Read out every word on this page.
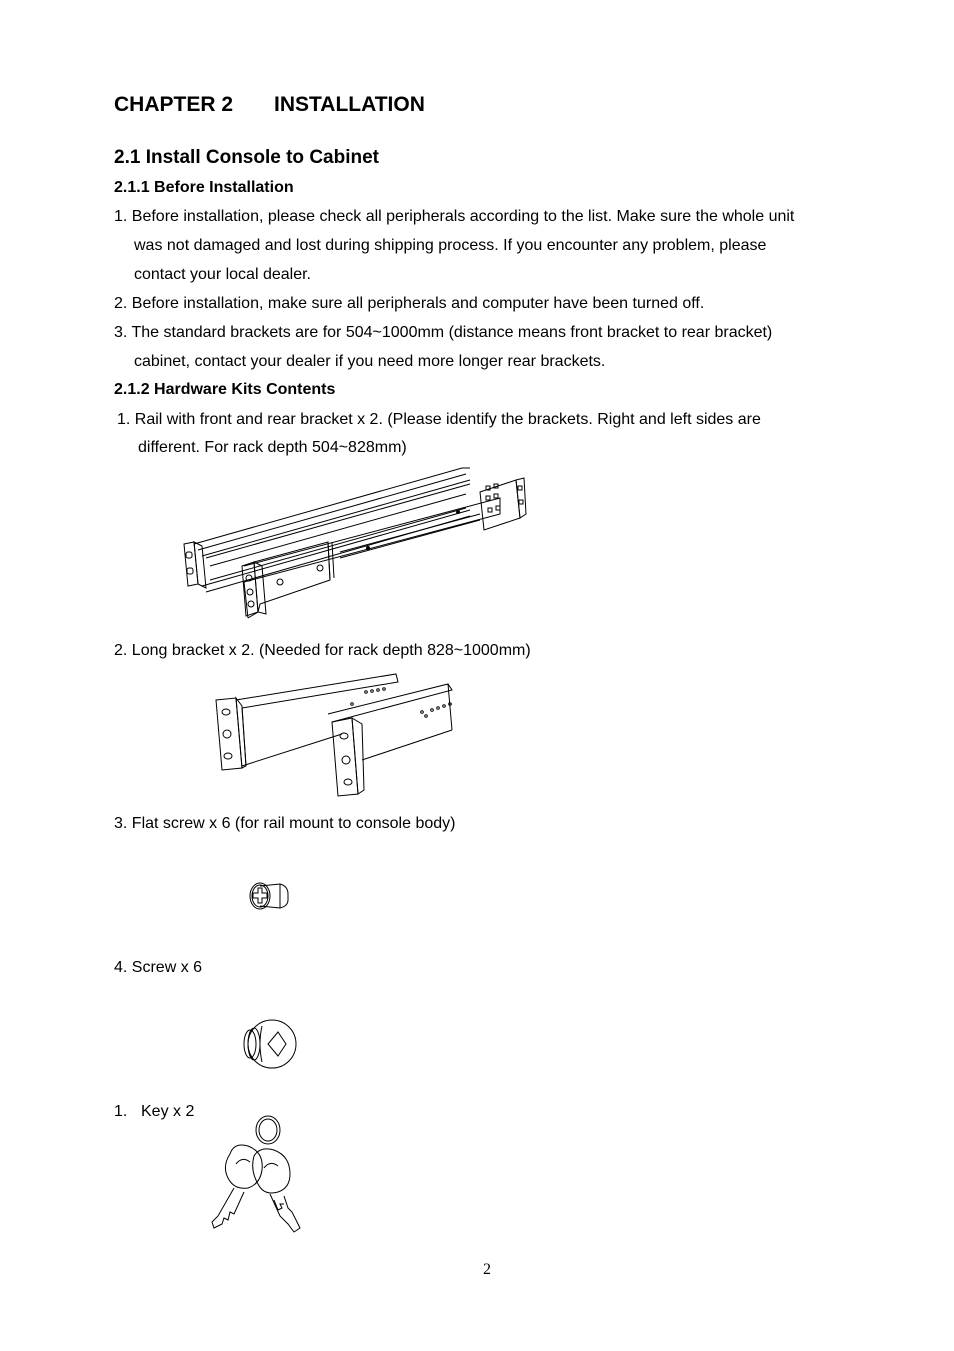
CHAPTER 2 INSTALLATION
2.1 Install Console to Cabinet
2.1.1 Before Installation
1. Before installation, please check all peripherals according to the list. Make sure the whole unit
was not damaged and lost during shipping process. If you encounter any problem, please
contact your local dealer.
2. Before installation, make sure all peripherals and computer have been turned off.
3. The standard brackets are for 504~1000mm (distance means front bracket to rear bracket)
cabinet, contact your dealer if you need more longer rear brackets.
2.1.2 Hardware Kits Contents
1. Rail with front and rear bracket x 2. (Please identify the brackets. Right and left sides are
different. For rack depth 504~828mm)
2. Long bracket x 2. (Needed for rack depth 828~1000mm)
3. Flat screw x 6 (for rail mount to console body)
4. Screw x 6
1. Key x 2
2
